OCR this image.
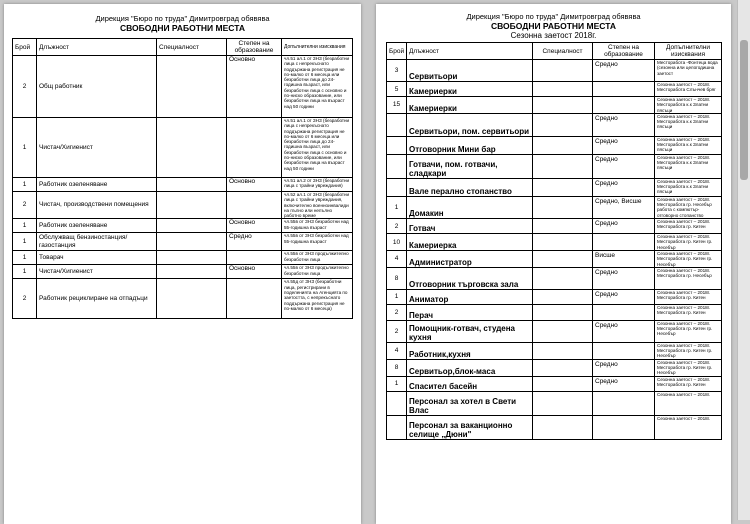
Дирекция "Бюро по труда" Димитровград обявява
СВОБОДНИ РАБОТНИ МЕСТА
Брой	Длъжност	Специалност	Степен на образование	Допълнителни изисквания
2	Общ работник		Основно	чл.51 ал.1 от ЗНЗ (безработни лица с непрекъснато поддържана регистрация не по-малко от 6 месеца или безработни лица до 24-годишна възраст, или безработни лица с основно и по-ниско образование, или безработни лица на възраст над 50 години
1	Чистач/Хигиенист			чл.51 ал.1 от ЗНЗ (безработни лица с непрекъснато поддържана регистрация не по-малко от 6 месеца или безработни лица до 24-годишна възраст, или безработни лица с основно и по-ниско образование, или безработни лица на възраст над 50 години
1	Работник озеленяване		Основно	чл.51 ал.2 от ЗНЗ (безработни лица с трайни увреждания)
2	Чистач, производствени помещения			чл.52 ал.1 от ЗНЗ (безработни лица с трайни увреждания, включително военноинвалиди на пълно или непълно работно време
1	Работник озеленяване		Основно	чл.55в от ЗНЗ безработни над 55-годишна възраст
1	Обслужващ бензиностанция/газостанция		Средно	чл.55в от ЗНЗ безработни над 55-годишна възраст
1	Товарач			чл.55в от ЗНЗ продължително безработни лица
1	Чистач/Хигиенист		Основно	чл.55в от ЗНЗ продължително безработни лица
2	Работник рециклиране на отпадъци			чл.55д от ЗНЗ (безработни лица, регистрирани в поделенията на Агенцията по заетостта, с непрекъснато поддържана регистрация не по-малко от 6 месеца)
Дирекция "Бюро по труда" Димитровград обявява
СВОБОДНИ РАБОТНИ МЕСТА
Сезонна заетост 2018г.
Брой	Длъжност	Специалност	Степен на образование	Допълнителни изисквания
3	Сервитьори		Средно	Месторабота -Фонтеца вода (сезонна или целогодишна заетост
5	Камериерки			Сезонна заетост – 2018г. Месторабота Слънчев бряг
15	Камериерки			Сезонна заетост – 2018г. Месторабота к.к Златни пясъци
	Сервитьори, пом. сервитьори		Средно	Сезонна заетост – 2018г. Месторабота к.к Златни пясъци
	Отговорник Мини бар		Средно	Сезонна заетост – 2018г. Месторабота к.к Златни пясъци
	Готвачи, пом. готвачи, сладкари		Средно	Сезонна заетост – 2018г. Месторабота к.к Златни пясъци
	Вале перално стопанство		Средно	Сезонна заетост – 2018г. Месторабота к.к Златни пясъци
1	Домакин		Средно, Висше	Сезонна заетост – 2018г. Месторабота гр. Несебър работа с компютър-отговорно стопанство
2	Готвач		Средно	Сезонна заетост – 2018г. Месторабота гр. Китен
10	Камериерка			Сезонна заетост – 2018г. Месторабота гр. Китен гр. Несебър
4	Администратор		Висше	Сезонна заетост – 2018г. Месторабота гр. Китен гр. Несебър
8	Отговорник търговска зала		Средно	Сезонна заетост – 2018г. Месторабота гр. Несебър
1	Аниматор		Средно	Сезонна заетост – 2018г. Месторабота гр. Китен
2	Перач			Сезонна заетост – 2018г. Месторабота гр. Китен
2	Помощник-готвач, студена кухня		Средно	Сезонна заетост – 2018г. Месторабота гр. Китен гр. Несебър
4	Работник,кухня			Сезонна заетост – 2018г. Месторабота гр. Китен гр. Несебър
8	Сервитьор,блок-маса		Средно	Сезонна заетост – 2018г. Месторабота гр. Китен гр. Несебър
1	Спасител басейн		Средно	Сезонна заетост – 2018г. Месторабота гр. Китен
	Персонал за хотел в Свети Влас			Сезонна заетост – 2018г.
	Персонал за ваканционно селище „Дюни"			Сезонна заетост – 2018г.
